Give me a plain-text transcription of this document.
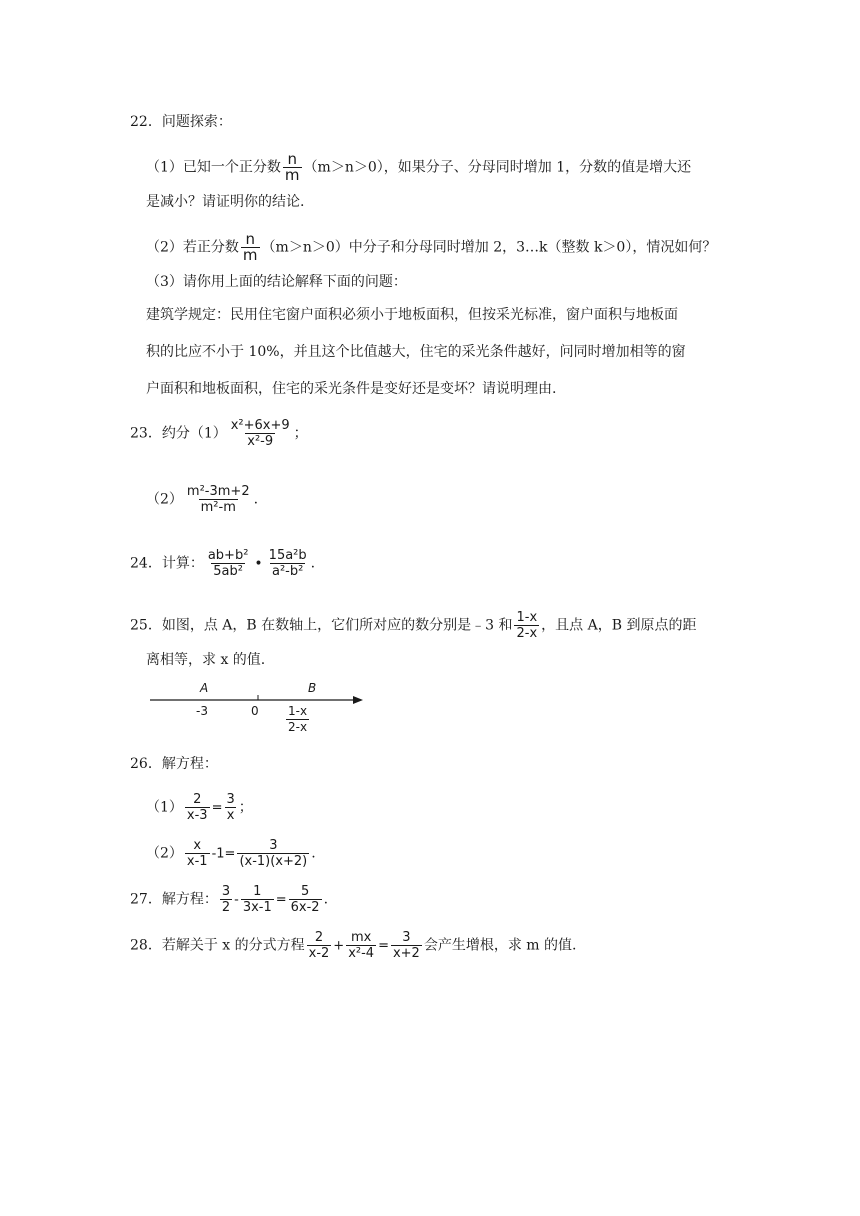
22．问题探索：
（1）已知一个正分数 $\frac{n}{m} (m>n>0)$，如果分子、分母同时增加 1，分数的值是增大还
是减小？请证明你的结论.
（2）若正分数 $\frac{n}{m} (m>n>0)$中分子和分母同时增加 2，3…k（整数 k＞0），情况如何？
（3）请你用上面的结论解释下面的问题：
建筑学规定：民用住宅窗户面积必须小于地板面积，但按采光标准，窗户面积与地板面
积的比应不小于 10%，并且这个比值越大，住宅的采光条件越好，问同时增加相等的窗
户面积和地板面积，住宅的采光条件是变好还是变坏？请说明理由.
23．约分$(1) \frac{\text{x²+6x+9}}{\text{x²-9}}$ ；
$(2) \frac{\text{m²-3m+2}}{\text{m²-m}}$ .
24．计算： $\frac{\text{ab+b²}}{\text{5ab²}}$ • $\frac{\text{15a²b}}{\text{a²-b²}}$ .
25．如图，点 A，B 在数轴上，它们所对应的数分别是﹣3 和 $\frac{1-x}{2-x}$ ，且点 A，B 到原点的距
离相等，求 x 的值.
A	B
-3	$0 \frac{1-x}{2-x}$
26．解方程：
$(1) \frac{2}{x-3} = \frac{3}{x}$ ；
$(2) \frac{x}{x-1} -1= \frac{3}{(x-1)(x+2)}$ .
27．解方程： $\frac{3}{2} - \frac{1}{3x-1} = \frac{5}{6x-2}$ .
28．若解关于 x 的分式方程 $\frac{2}{x-2} + \frac{mx}{\text{x²-4}} = \frac{3}{x+2}$ 会产生增根，求 m 的值.
